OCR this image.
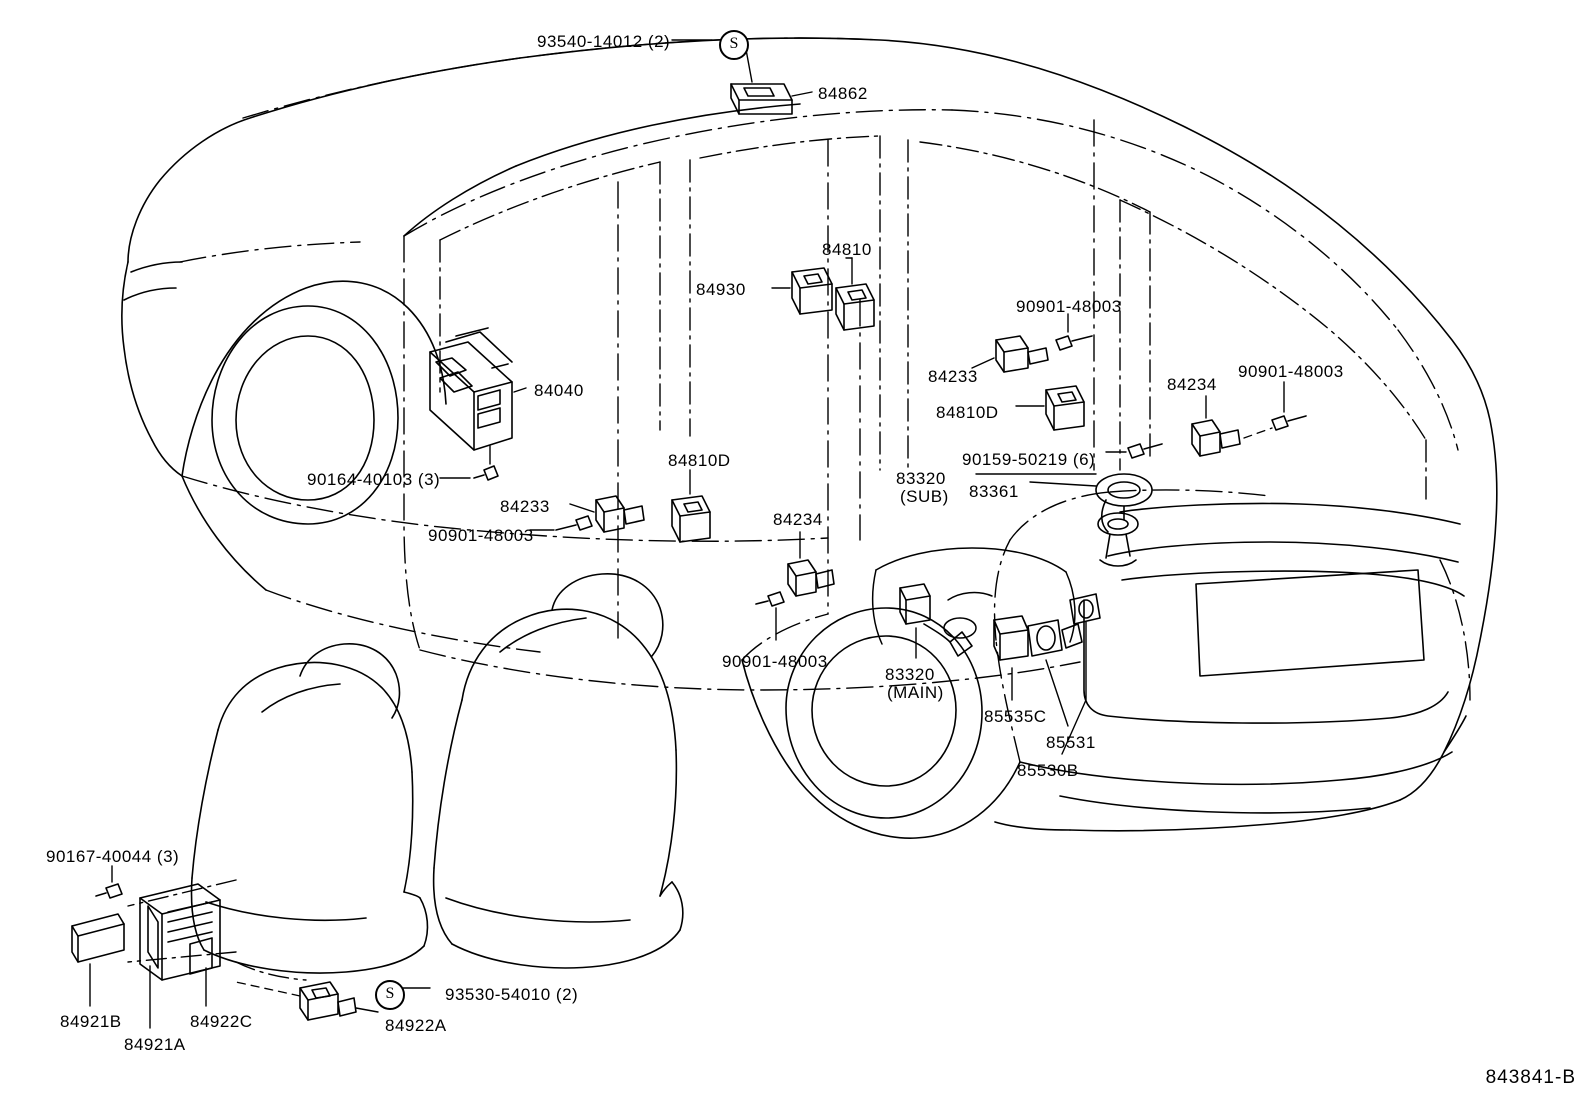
S
S
93540-14012 (2)
84862
84810
84930
90901-48003
84233	84234
90901-48003
84810D
84040
90164-40103 (3)
84810D	90159-50219 (6)
83320
(SUB) 83361
84233
84234
90901-48003
90901-48003
83320
(MAIN)
85535C
85531
85530B
90167-40044 (3)
93530-54010 (2)
84922A
84921B
84921A
84922C
843841-B
